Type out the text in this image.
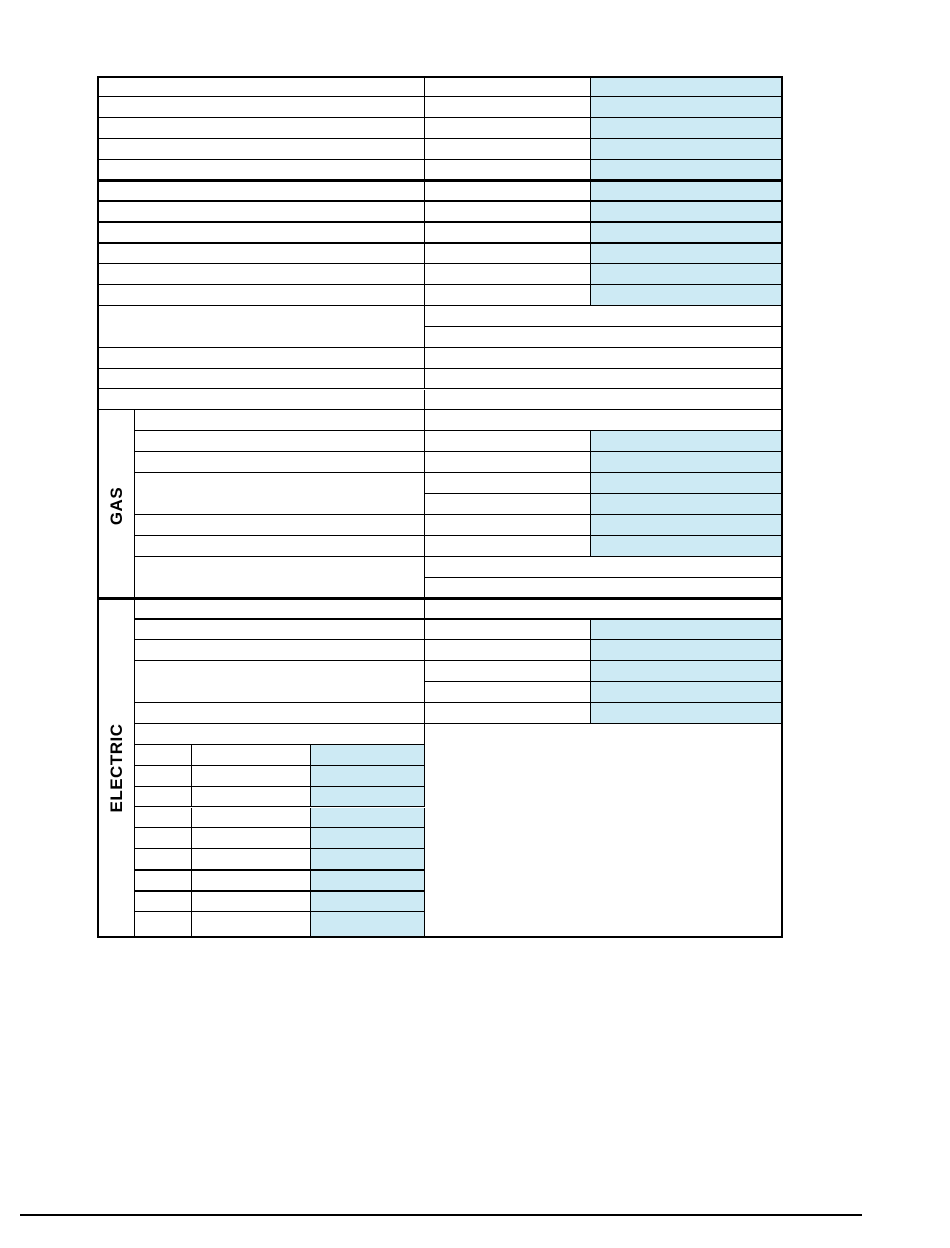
GAS
ELECTRIC
